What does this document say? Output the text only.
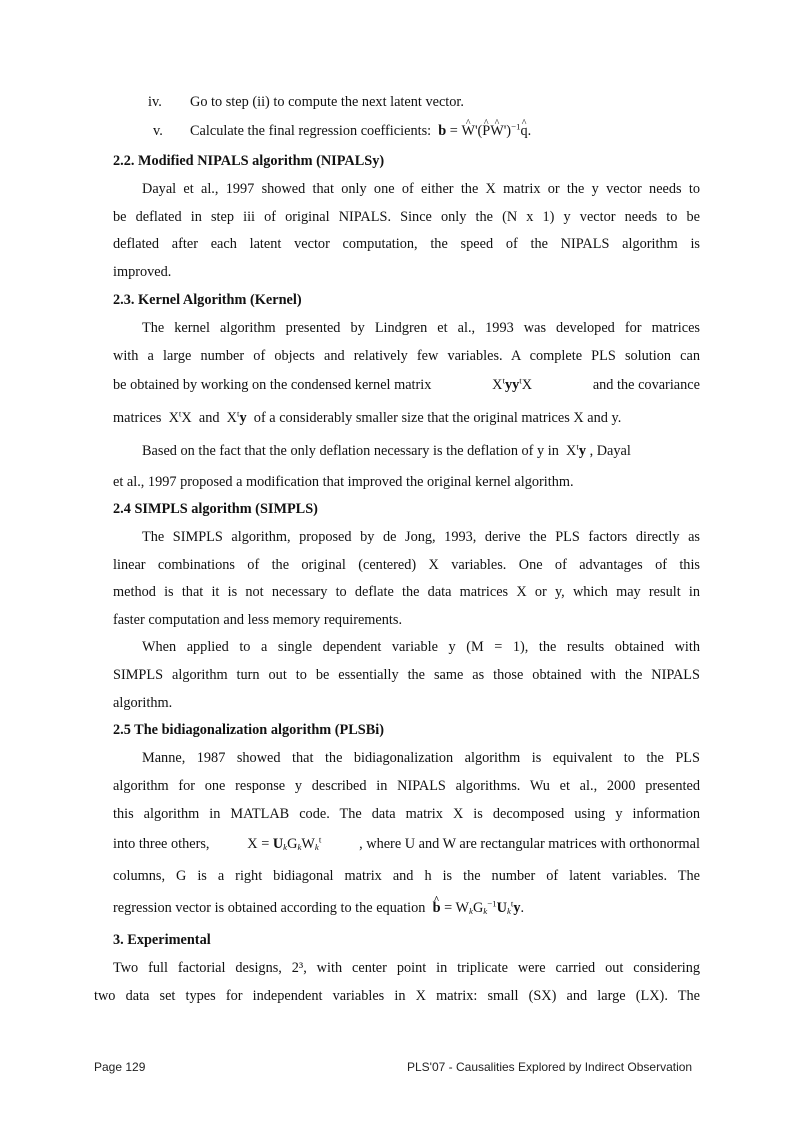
iv. Go to step (ii) to compute the next latent vector.
v. Calculate the final regression coefficients: b = ^ W'(^ P^ W')$^{-1}$^ q.
2.2. Modified NIPALS algorithm (NIPALSy)
Dayal et al., 1997 showed that only one of either the X matrix or the y vector needs to
be deflated in step iii of original NIPALS. Since only the (N x 1) y vector needs to be
deflated after each latent vector computation, the speed of the NIPALS algorithm is
improved.
2.3. Kernel Algorithm (Kernel)
The kernel algorithm presented by Lindgren et al., 1993 was developed for matrices
with a large number of objects and relatively few variables. A complete PLS solution can
be obtained by working on the condensed kernel matrix	$X^tyy^tX$	and the covariance
matrices  $X^tX$  and  $X^ty$ of a considerably smaller size that the original matrices X and y.
Based on the fact that the only deflation necessary is the deflation of y in  $X^ty$ , Dayal
et al., 1997 proposed a modification that improved the original kernel algorithm.
2.4 SIMPLS algorithm (SIMPLS)
The SIMPLS algorithm, proposed by de Jong, 1993, derive the PLS factors directly as
linear combinations of the original (centered) X variables. One of advantages of this
method is that it is not necessary to deflate the data matrices X or y, which may result in
faster computation and less memory requirements.
When applied to a single dependent variable y (M = 1), the results obtained with
SIMPLS algorithm turn out to be essentially the same as those obtained with the NIPALS
algorithm.
2.5 The bidiagonalization algorithm (PLSBi)
Manne, 1987 showed that the bidiagonalization algorithm is equivalent to the PLS
algorithm for one response y described in NIPALS algorithms. Wu et al., 2000 presented
this algorithm in MATLAB code. The data matrix X is decomposed using y information
into three others,	$X = U_kG_kW_k^t$	, where U and W are rectangular matrices with orthonormal
columns, G is a right bidiagonal matrix and h is the number of latent variables. The
regression vector is obtained according to the equation  ^ $b = W_kG_k^{-1}U_k^ty$.
3. Experimental
Two full factorial designs, 2³, with center point in triplicate were carried out considering
two data set types for independent variables in X matrix: small (SX) and large (LX). The
Page 129	PLS'07 - Causalities Explored by Indirect Observation
